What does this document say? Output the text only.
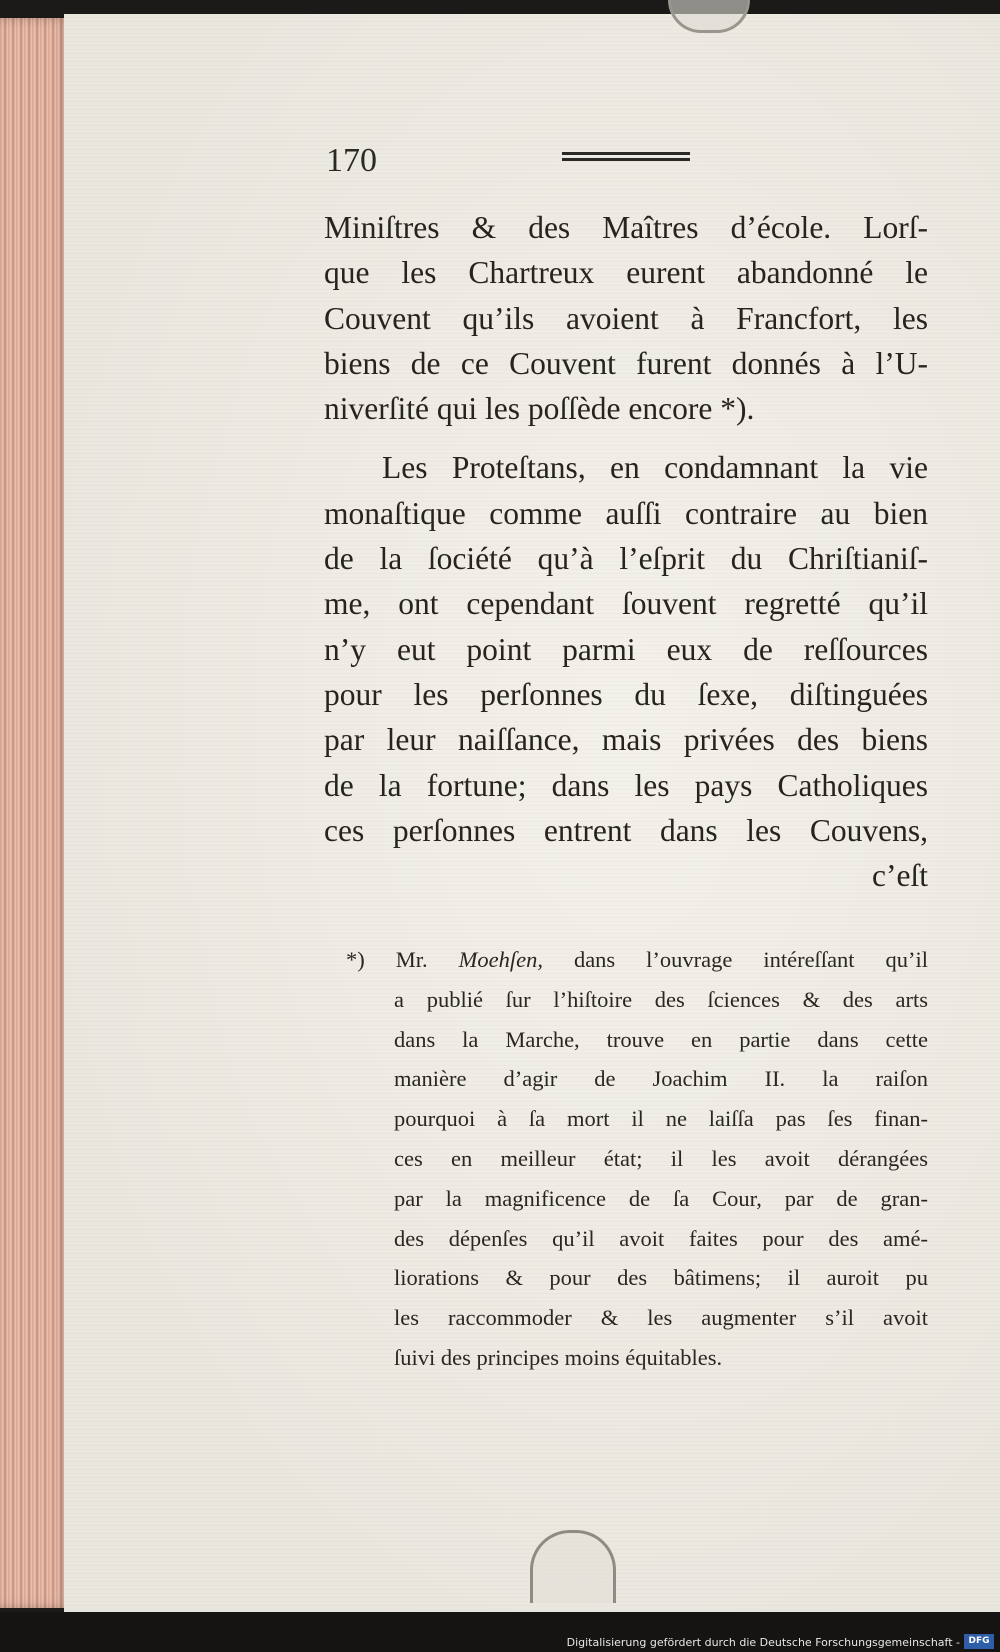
170
Miniſtres & des Maîtres d’école. Lorſ-
que les Chartreux eurent abandonné le
Couvent qu’ils avoient à Francfort, les
biens de ce Couvent furent donnés à l’U-
niverſité qui les poſſède encore *).
Les Proteſtans, en condamnant la vie
monaſtique comme auſſi contraire au bien
de la ſociété qu’à l’eſprit du Chriſtianiſ-
me, ont cependant ſouvent regretté qu’il
n’y eut point parmi eux de reſſources
pour les perſonnes du ſexe, diſtinguées
par leur naiſſance, mais privées des biens
de la fortune; dans les pays Catholiques
ces perſonnes entrent dans les Couvens,
c’eſt
*) Mr. Moehſen, dans l’ouvrage intéreſſant qu’il
a publié ſur l’hiſtoire des ſciences & des arts
dans la Marche, trouve en partie dans cette
manière d’agir de Joachim II. la raiſon
pourquoi à ſa mort il ne laiſſa pas ſes finan-
ces en meilleur état; il les avoit dérangées
par la magnificence de ſa Cour, par de gran-
des dépenſes qu’il avoit faites pour des amé-
liorations & pour des bâtimens; il auroit pu
les raccommoder & les augmenter s’il avoit
ſuivi des principes moins équitables.
Digitalisierung gefördert durch die Deutsche Forschungsgemeinschaft - DFG
